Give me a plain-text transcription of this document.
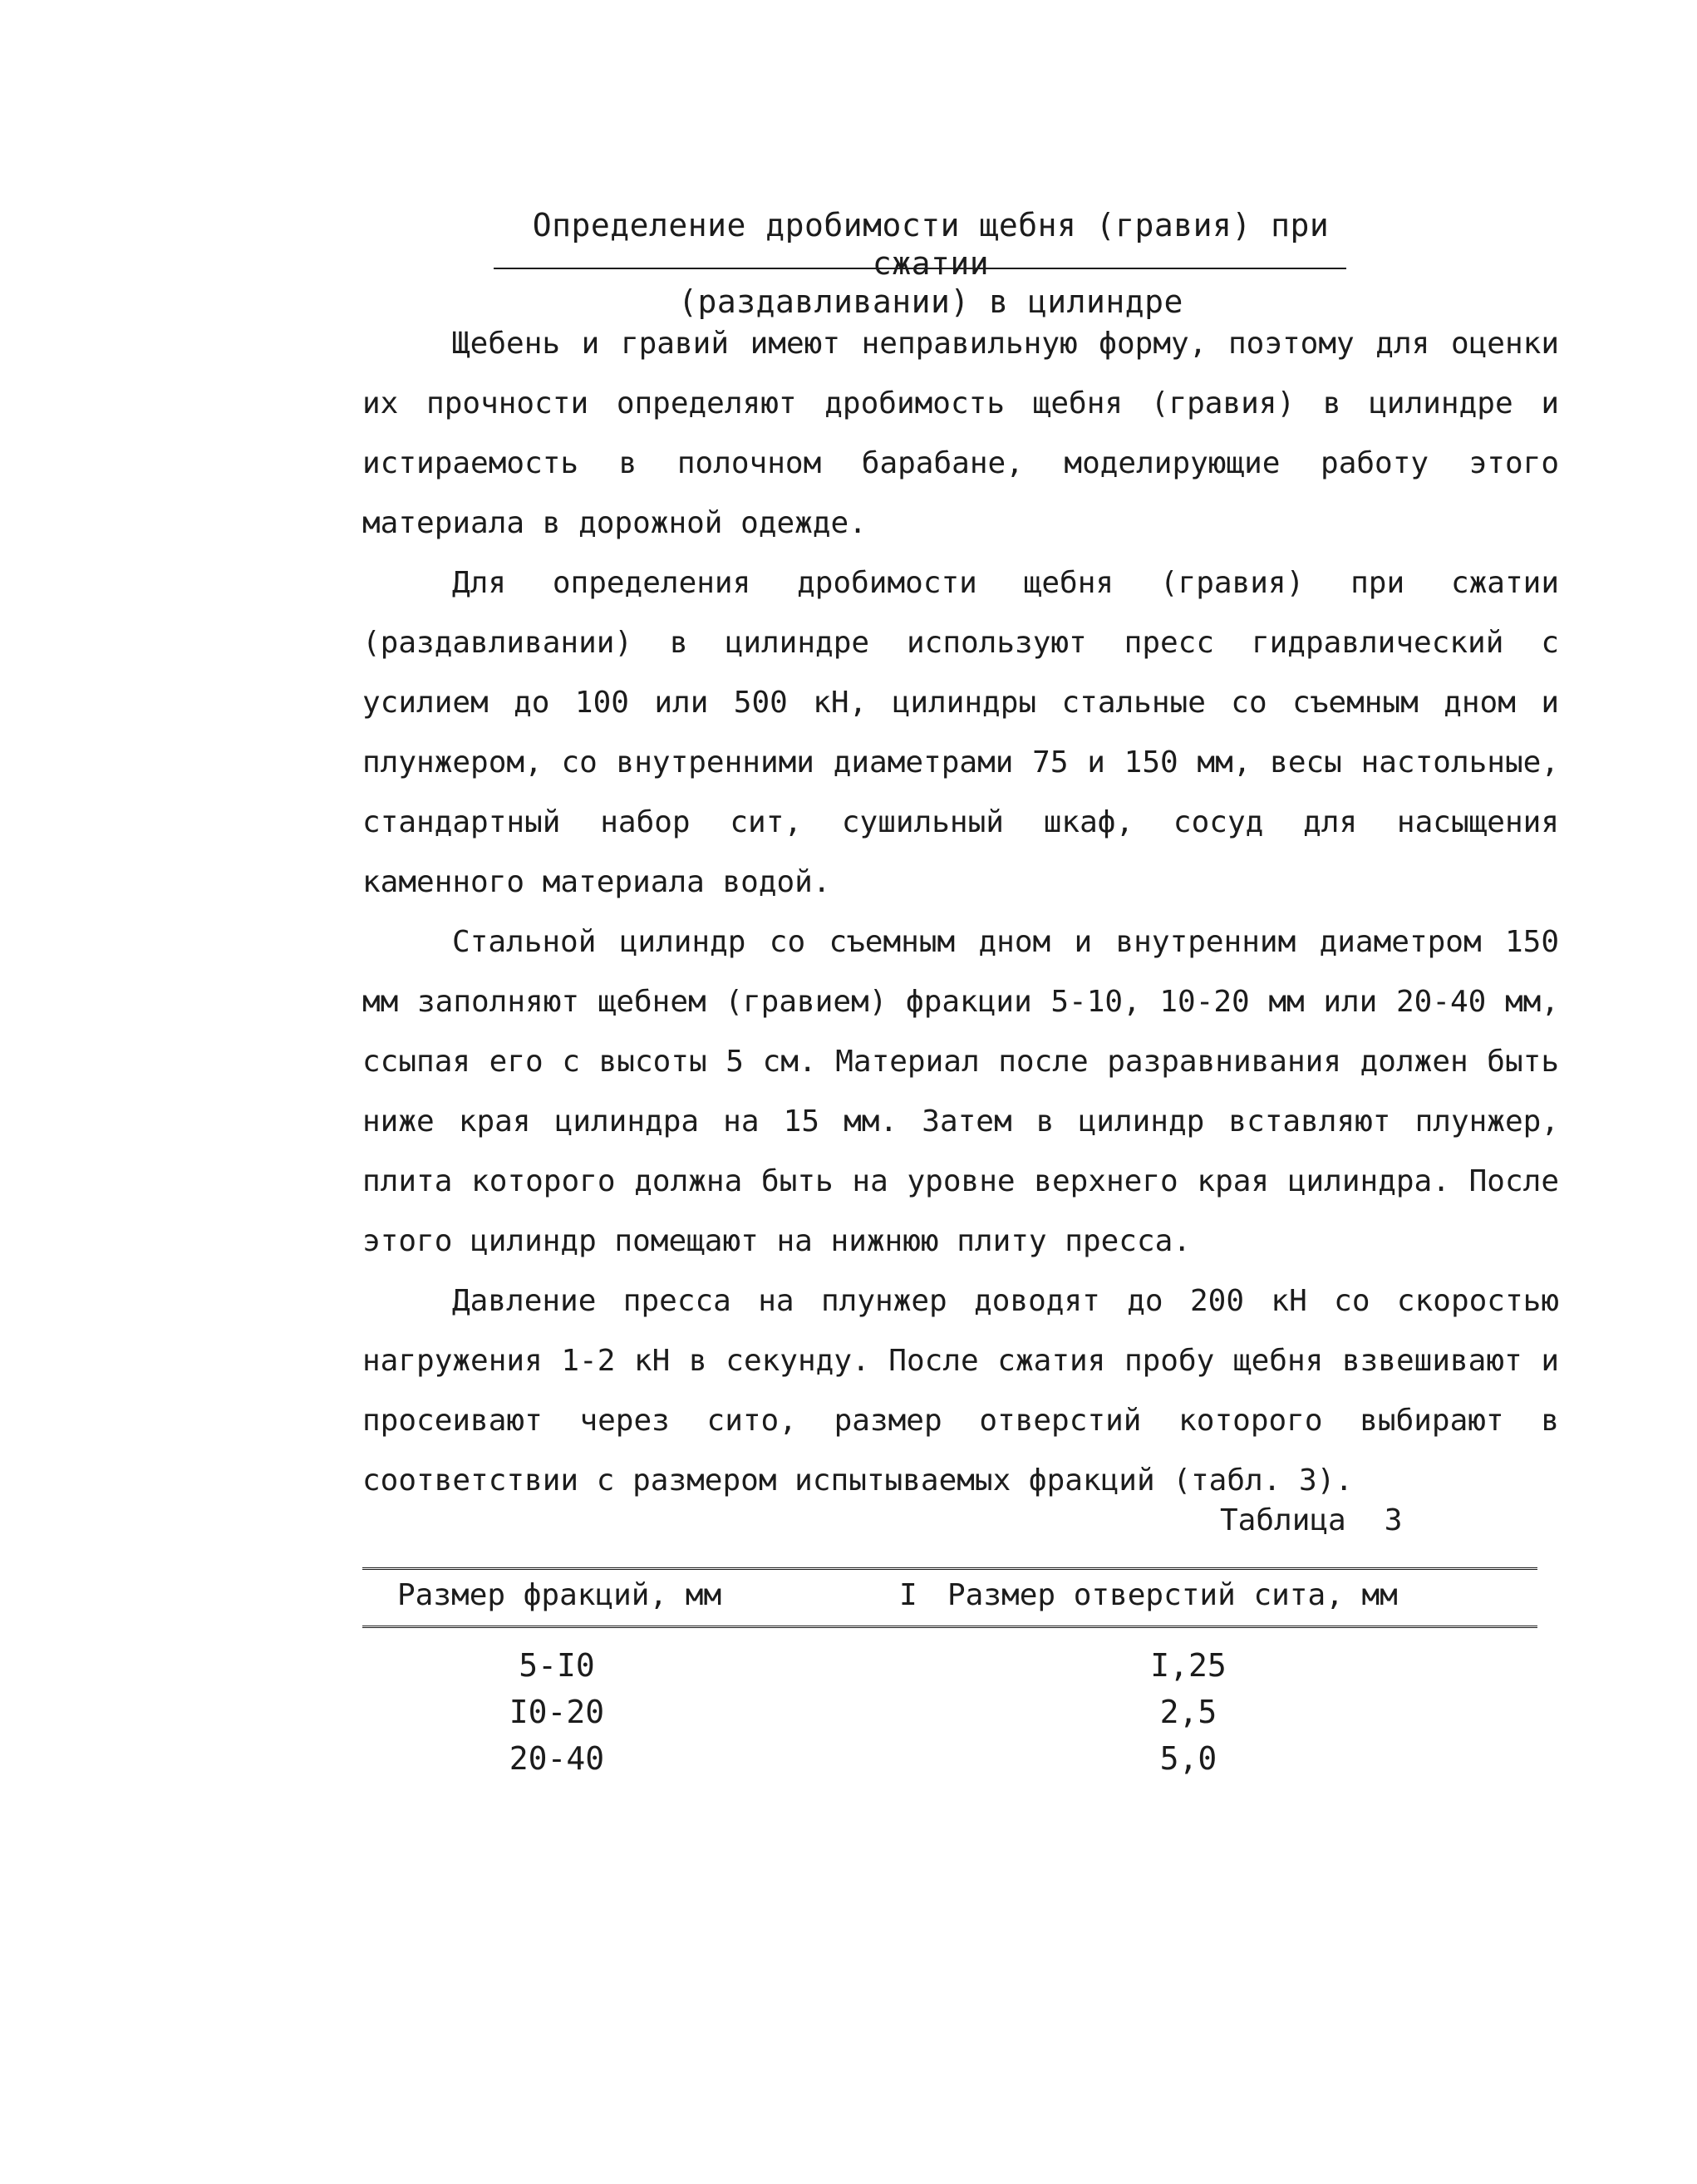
Определение дробимости щебня (гравия) при сжатии
(раздавливании) в цилиндре

Щебень и гравий имеют неправильную форму, поэтому для оценки их прочности определяют дробимость щебня (гравия) в цилиндре и истираемость в полочном барабане, моделирующие работу этого материала в дорожной одежде.

Для определения дробимости щебня (гравия) при сжатии (раздавливании) в цилиндре используют пресс гидравлический с усилием до 100 или 500 кН, цилиндры стальные со съемным дном и плунжером, со внутренними диаметрами 75 и 150 мм, весы настольные, стандартный набор сит, сушильный шкаф, сосуд для насыщения каменного материала водой.

Стальной цилиндр со съемным дном и внутренним диаметром 150 мм заполняют щебнем (гравием) фракции 5-10, 10-20 мм или 20-40 мм, ссыпая его с высоты 5 см. Материал после разравнивания должен быть ниже края цилиндра на 15 мм. Затем в цилиндр вставляют плунжер, плита которого должна быть на уровне верхнего края цилиндра. После этого цилиндр помещают на нижнюю плиту пресса.

Давление пресса на плунжер доводят до 200 кН со скоростью нагружения 1-2 кН в секунду. После сжатия пробу щебня взвешивают и просеивают через сито, размер отверстий которого выбирают в соответствии с размером испытываемых фракций (табл. 3).

Таблица 3
Размер фракций, мм	I Размер отверстий сита, мм
5-I0	I,25
I0-20	2,5
20-40	5,0
